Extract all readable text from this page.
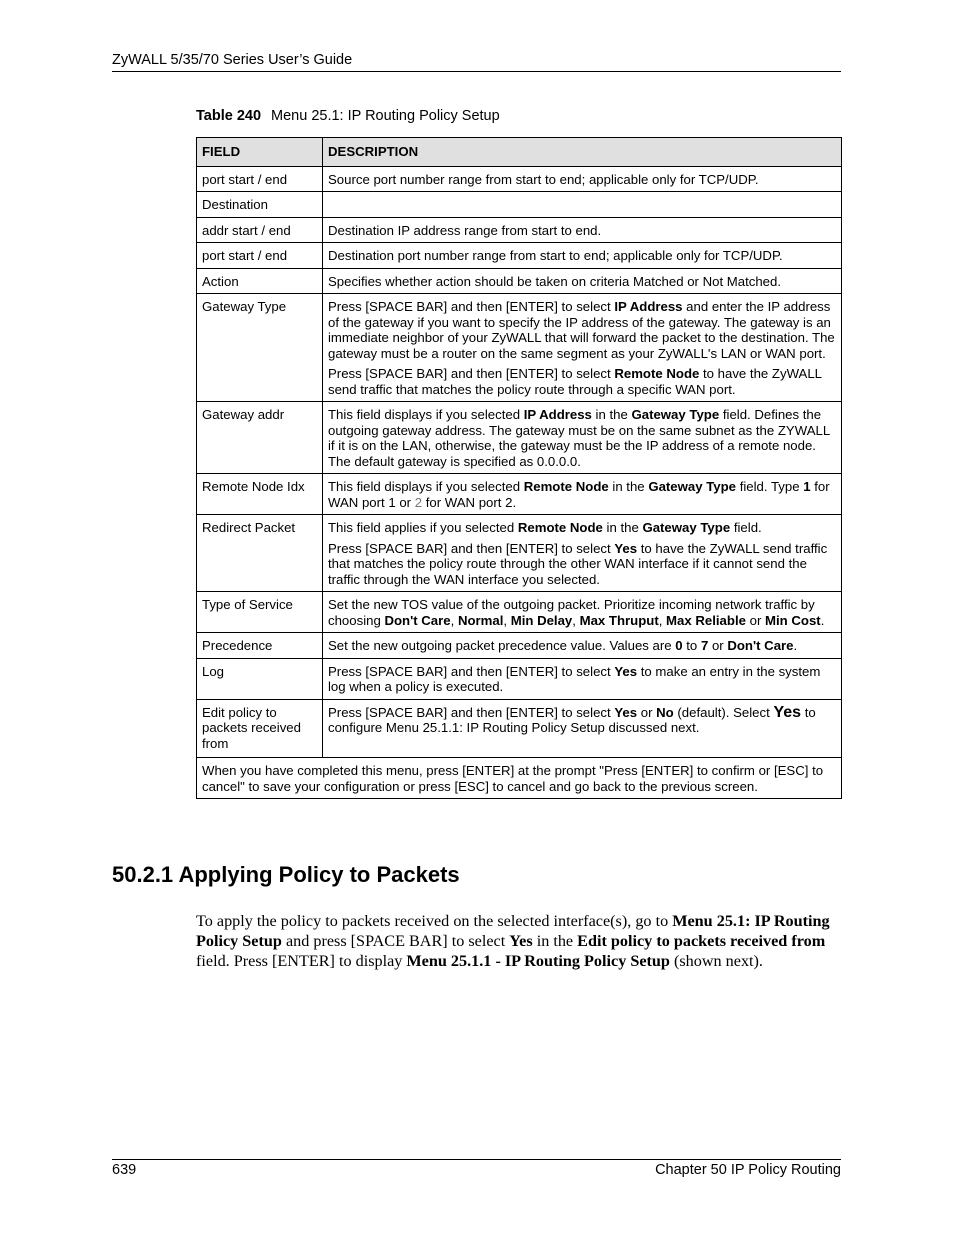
ZyWALL 5/35/70 Series User’s Guide
Table 240 Menu 25.1: IP Routing Policy Setup
FIELD	DESCRIPTION
port start / end	Source port number range from start to end; applicable only for TCP/UDP.
Destination	
addr start / end	Destination IP address range from start to end.
port start / end	Destination port number range from start to end; applicable only for TCP/UDP.
Action	Specifies whether action should be taken on criteria Matched or Not Matched.
Gateway Type	Press [SPACE BAR] and then [ENTER] to select IP Address and enter the IP address of the gateway if you want to specify the IP address of the gateway. The gateway is an immediate neighbor of your ZyWALL that will forward the packet to the destination. The gateway must be a router on the same segment as your ZyWALL's LAN or WAN port.

Press [SPACE BAR] and then [ENTER] to select Remote Node to have the ZyWALL send traffic that matches the policy route through a specific WAN port.

Gateway addr	This field displays if you selected IP Address in the Gateway Type field. Defines the outgoing gateway address. The gateway must be on the same subnet as the ZYWALL if it is on the LAN, otherwise, the gateway must be the IP address of a remote node. The default gateway is specified as 0.0.0.0.

Remote Node Idx	This field displays if you selected Remote Node in the Gateway Type field. Type 1 for WAN port 1 or 2 for WAN port 2.

Redirect Packet	This field applies if you selected Remote Node in the Gateway Type field.

Press [SPACE BAR] and then [ENTER] to select Yes to have the ZyWALL send traffic that matches the policy route through the other WAN interface if it cannot send the traffic through the WAN interface you selected.

Type of Service	Set the new TOS value of the outgoing packet. Prioritize incoming network traffic by choosing Don't Care, Normal, Min Delay, Max Thruput, Max Reliable or Min Cost.

Precedence	Set the new outgoing packet precedence value. Values are 0 to 7 or Don't Care.

Log	Press [SPACE BAR] and then [ENTER] to select Yes to make an entry in the system log when a policy is executed.

Edit policy to packets received from	Press [SPACE BAR] and then [ENTER] to select Yes or No (default). Select Yes to configure Menu 25.1.1: IP Routing Policy Setup discussed next.

When you have completed this menu, press [ENTER] at the prompt "Press [ENTER] to confirm or [ESC] to cancel" to save your configuration or press [ESC] to cancel and go back to the previous screen.	
50.2.1 Applying Policy to Packets
To apply the policy to packets received on the selected interface(s), go to Menu 25.1: IP Routing Policy Setup and press [SPACE BAR] to select Yes in the Edit policy to packets received from field. Press [ENTER] to display Menu 25.1.1 - IP Routing Policy Setup (shown next).
639	Chapter 50 IP Policy Routing
